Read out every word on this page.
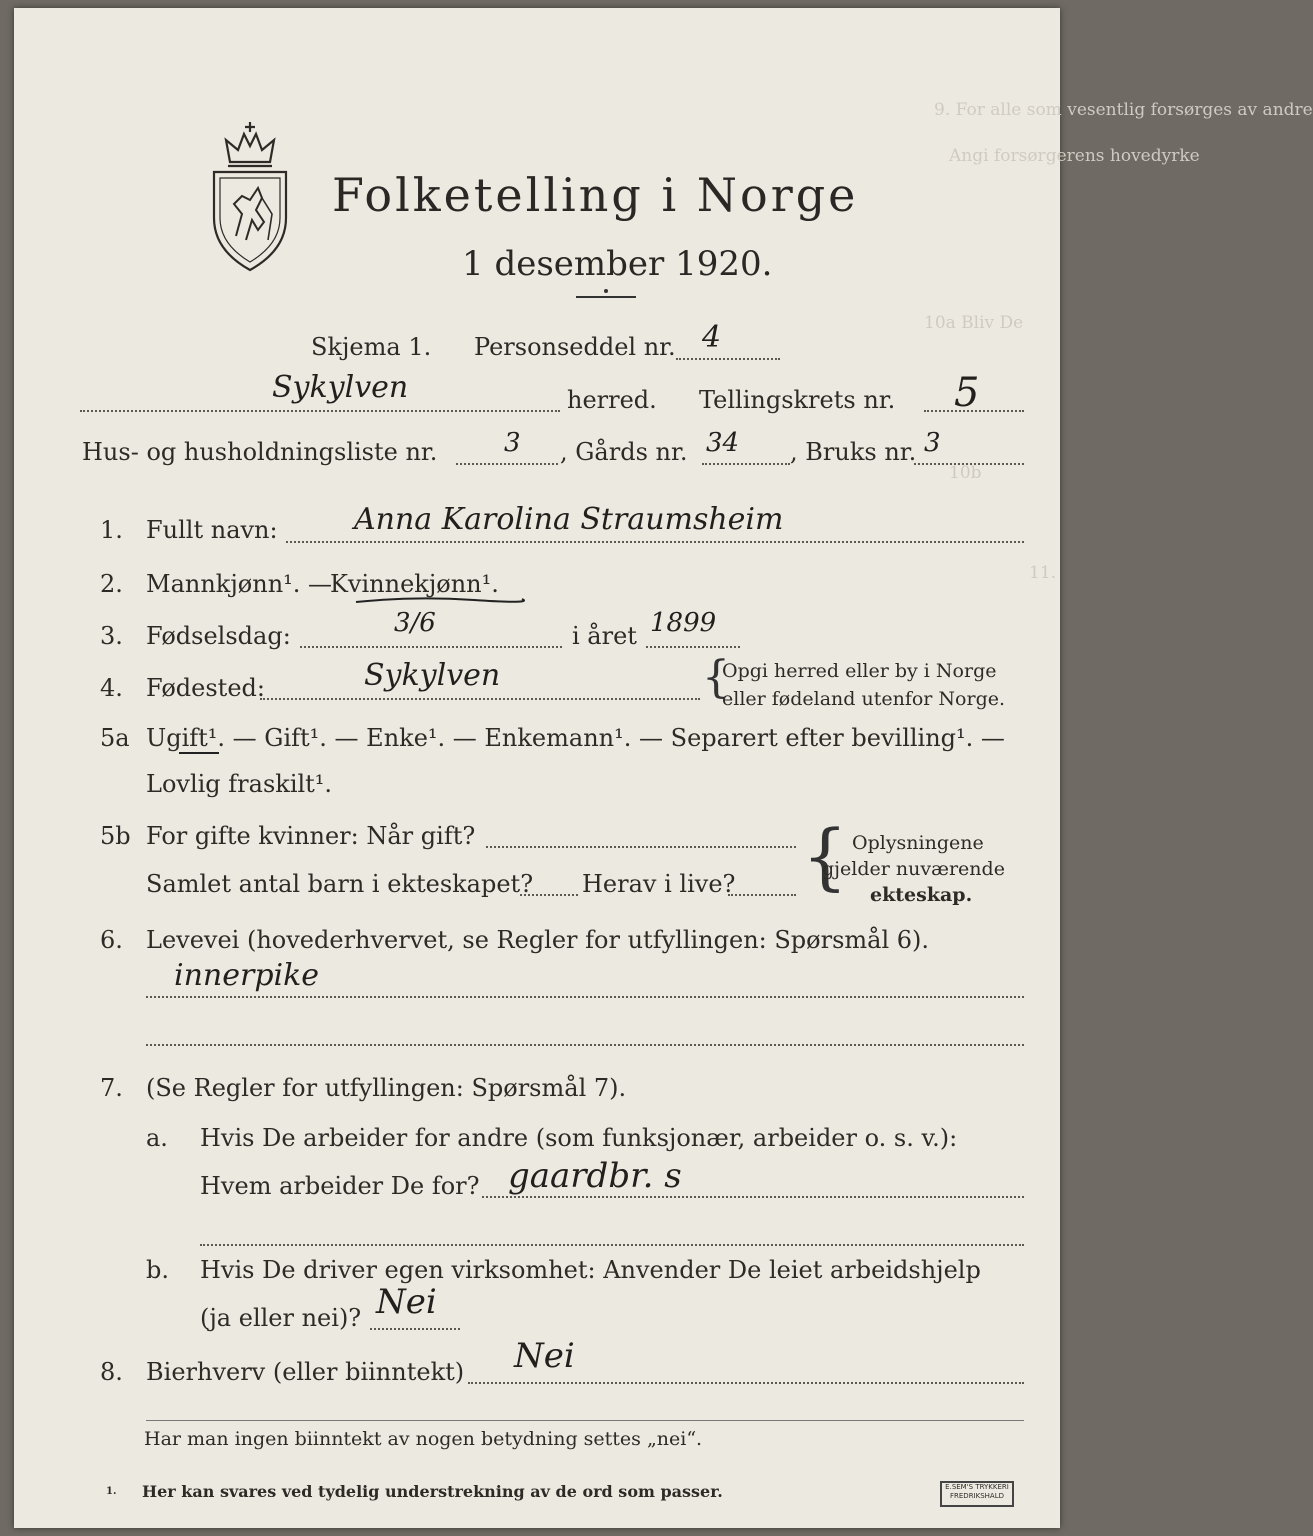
9. For alle som vesentlig forsørges av andre
Angi forsørgerens hovedyrke
10a Bliv De
10b
11.
Folketelling i Norge
1 desember 1920.
Skjema 1. Personseddel nr. 4
Sykylven	herred. Tellingskrets nr. 5
Hus- og husholdningsliste nr.	3 , Gårds nr. 34 , Bruks nr. 3
1. Fullt navn:	Anna Karolina Straumsheim
2. Mannkjønn¹. —
Kvinnekjønn¹.
3. Fødselsdag:	3/6	i året 1899
4. Fødested:	Sykylven	{
Opgi herred eller by i Norge
eller fødeland utenfor Norge.
5a Ugift¹. — Gift¹. — Enke¹. — Enkemann¹. — Separert efter bevilling¹. —
Lovlig fraskilt¹.
5b For gifte kvinner: Når gift?
Samlet antal barn i ekteskapet? Herav i live? { Oplysningene
gjelder nuværende
ekteskap.
6. Levevei (hovederhvervet, se Regler for utfyllingen: Spørsmål 6).
innerpike
7. (Se Regler for utfyllingen: Spørsmål 7).
a. Hvis De arbeider for andre (som funksjonær, arbeider o. s. v.):
Hvem arbeider De for? gaardbr. s
b. Hvis De driver egen virksomhet: Anvender De leiet arbeidshjelp
(ja eller nei)? Nei
8. Bierhverv (eller biinntekt) Nei
Har man ingen biinntekt av nogen betydning settes „nei“.
1. Her kan svares ved tydelig understrekning av de ord som passer.	E.SEM'S TRYKKERI
FREDRIKSHALD
